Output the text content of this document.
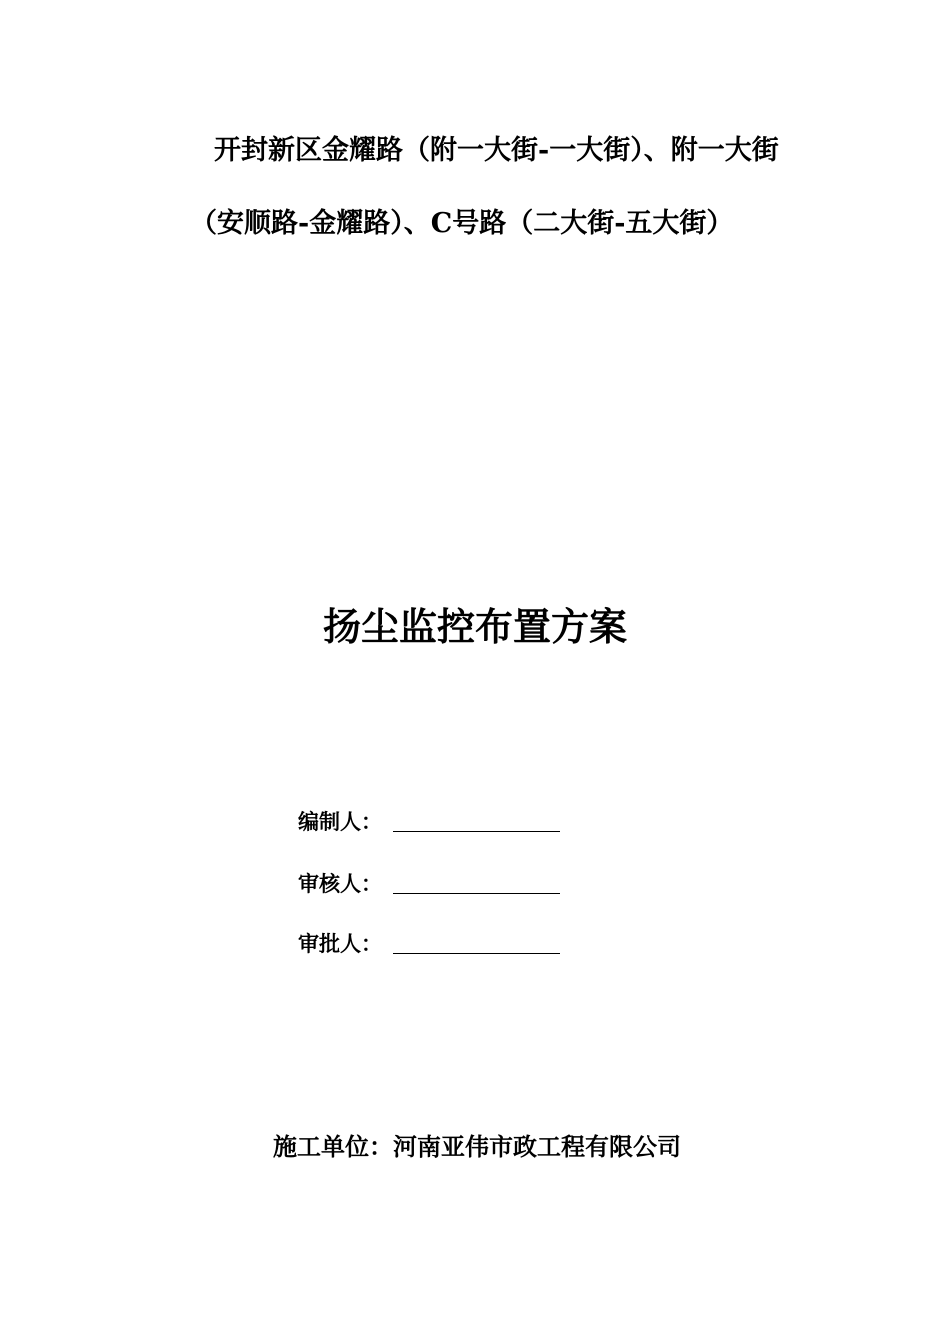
开封新区金耀路（附一大街-一大街）、附一大街
（安顺路-金耀路）、C号路（二大街-五大街）
扬尘监控布置方案
编制人：
审核人：
审批人：
施工单位：河南亚伟市政工程有限公司
